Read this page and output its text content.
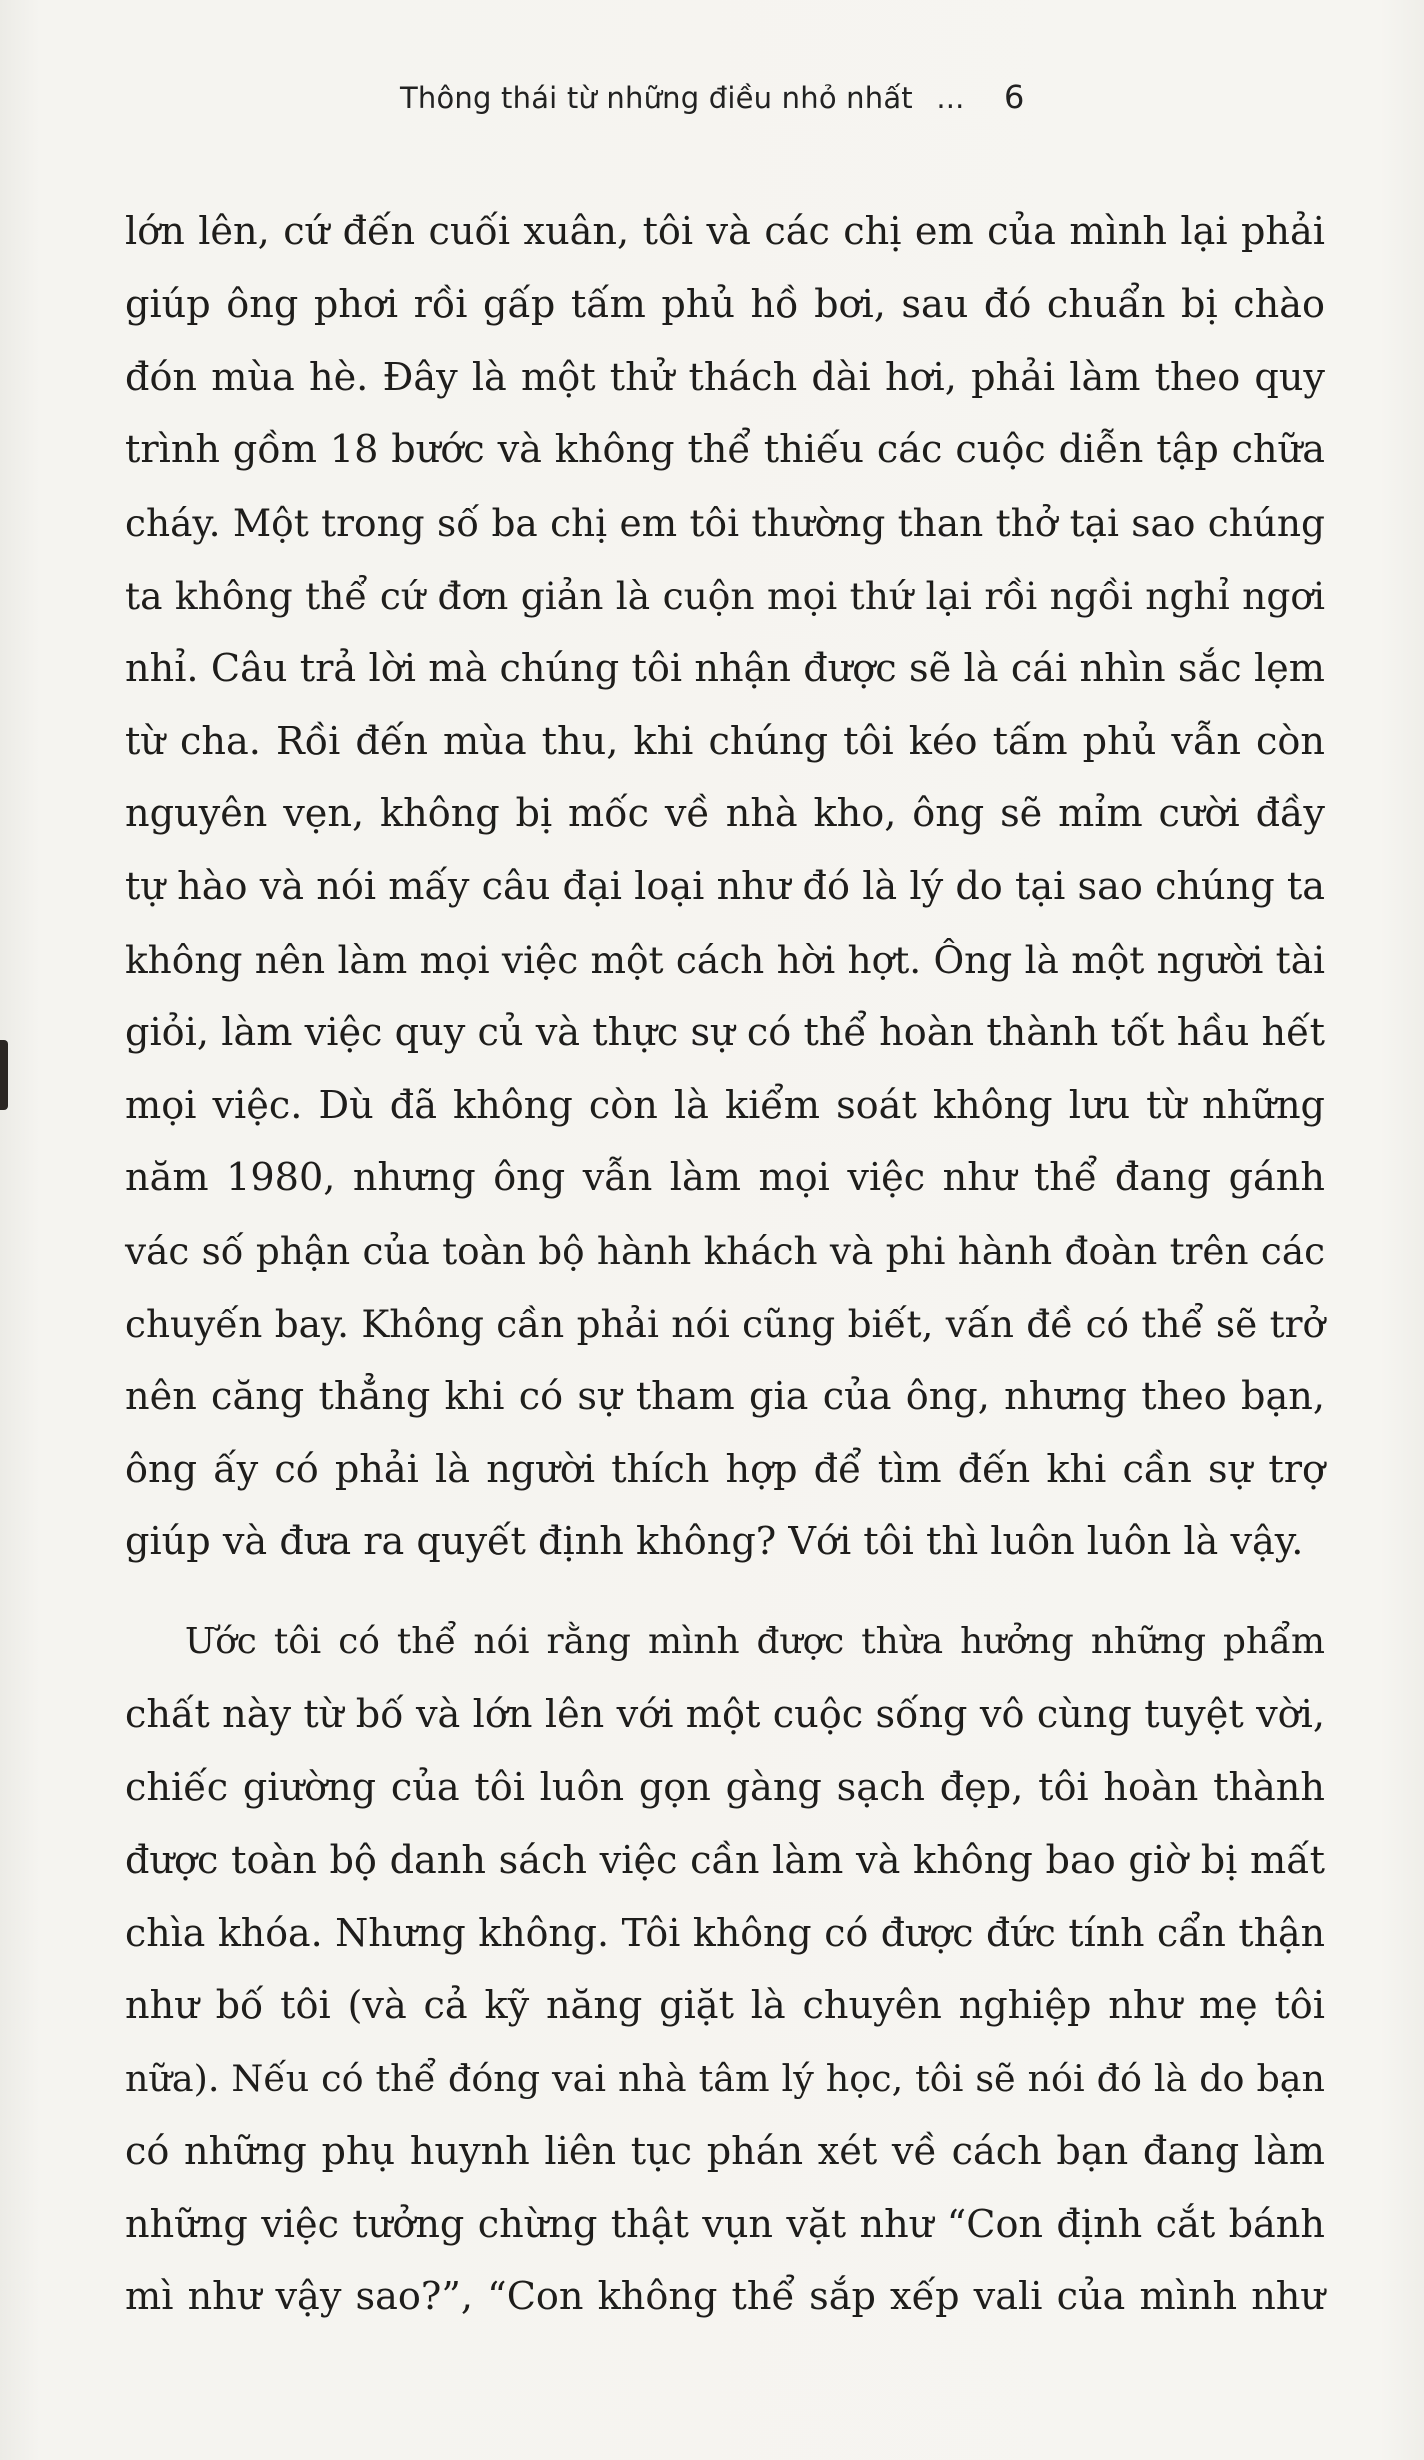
Thông thái từ những điều nhỏ nhất ... 6
lớn lên, cứ đến cuối xuân, tôi và các chị em của mình lại phải
giúp ông phơi rồi gấp tấm phủ hồ bơi, sau đó chuẩn bị chào
đón mùa hè. Đây là một thử thách dài hơi, phải làm theo quy
trình gồm 18 bước và không thể thiếu các cuộc diễn tập chữa
cháy. Một trong số ba chị em tôi thường than thở tại sao chúng
ta không thể cứ đơn giản là cuộn mọi thứ lại rồi ngồi nghỉ ngơi
nhỉ. Câu trả lời mà chúng tôi nhận được sẽ là cái nhìn sắc lẹm
từ cha. Rồi đến mùa thu, khi chúng tôi kéo tấm phủ vẫn còn
nguyên vẹn, không bị mốc về nhà kho, ông sẽ mỉm cười đầy
tự hào và nói mấy câu đại loại như đó là lý do tại sao chúng ta
không nên làm mọi việc một cách hời hợt. Ông là một người tài
giỏi, làm việc quy củ và thực sự có thể hoàn thành tốt hầu hết
mọi việc. Dù đã không còn là kiểm soát không lưu từ những
năm 1980, nhưng ông vẫn làm mọi việc như thể đang gánh
vác số phận của toàn bộ hành khách và phi hành đoàn trên các
chuyến bay. Không cần phải nói cũng biết, vấn đề có thể sẽ trở
nên căng thẳng khi có sự tham gia của ông, nhưng theo bạn,
ông ấy có phải là người thích hợp để tìm đến khi cần sự trợ
giúp và đưa ra quyết định không? Với tôi thì luôn luôn là vậy.
Ước tôi có thể nói rằng mình được thừa hưởng những phẩm
chất này từ bố và lớn lên với một cuộc sống vô cùng tuyệt vời,
chiếc giường của tôi luôn gọn gàng sạch đẹp, tôi hoàn thành
được toàn bộ danh sách việc cần làm và không bao giờ bị mất
chìa khóa. Nhưng không. Tôi không có được đức tính cẩn thận
như bố tôi (và cả kỹ năng giặt là chuyên nghiệp như mẹ tôi
nữa). Nếu có thể đóng vai nhà tâm lý học, tôi sẽ nói đó là do bạn
có những phụ huynh liên tục phán xét về cách bạn đang làm
những việc tưởng chừng thật vụn vặt như “Con định cắt bánh
mì như vậy sao?”, “Con không thể sắp xếp vali của mình như
